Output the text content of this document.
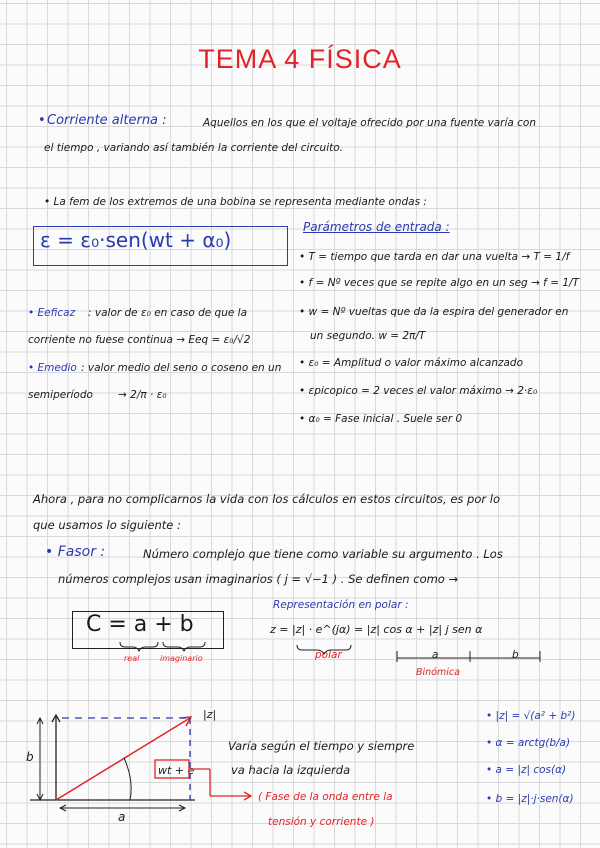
TEMA 4 FÍSICA
• Corriente alterna :	Aquellos en los que el voltaje ofrecido por una fuente varía con
el tiempo , variando así también la corriente del circuito.
• La fem de los extremos de una bobina se representa mediante ondas :
ε = ε₀·sen(wt + α₀)
Parámetros de entrada :
• T = tiempo que tarda en dar una vuelta → T = 1/f
• f = Nº veces que se repite algo en un seg → f = 1/T
• w = Nº vueltas que da la espira del generador en
un segundo. w = 2π/T
• ε₀ = Amplitud o valor máximo alcanzado
• εpicopico = 2 veces el valor máximo → 2·ε₀
• α₀ = Fase inicial . Suele ser 0
• Eeficaz : valor de ε₀ en caso de que la
corriente no fuese continua → Eeq = ε₀/√2
• Emedio : valor medio del seno o coseno en un
semiperíodo → 2/π · ε₀
Ahora , para no complicarnos la vida con los cálculos en estos circuitos, es por lo
que usamos lo siguiente :
• Fasor :	Número complejo que tiene como variable su argumento . Los
números complejos usan imaginarios ( j = √−1 ) . Se definen como →
C = a + b
real	imaginario
Representación en polar :
z = |z| · e^(jα) = |z| cos α + |z| j sen α
polar	a	b
Binómica
|z|
b
a
wt + e
( Fase de la onda entre la
tensión y corriente )
Varía según el tiempo y siempre
va hacia la izquierda
• |z| = √(a² + b²)
• α = arctg(b/a)
• a = |z| cos(α)
• b = |z|·j·sen(α)
